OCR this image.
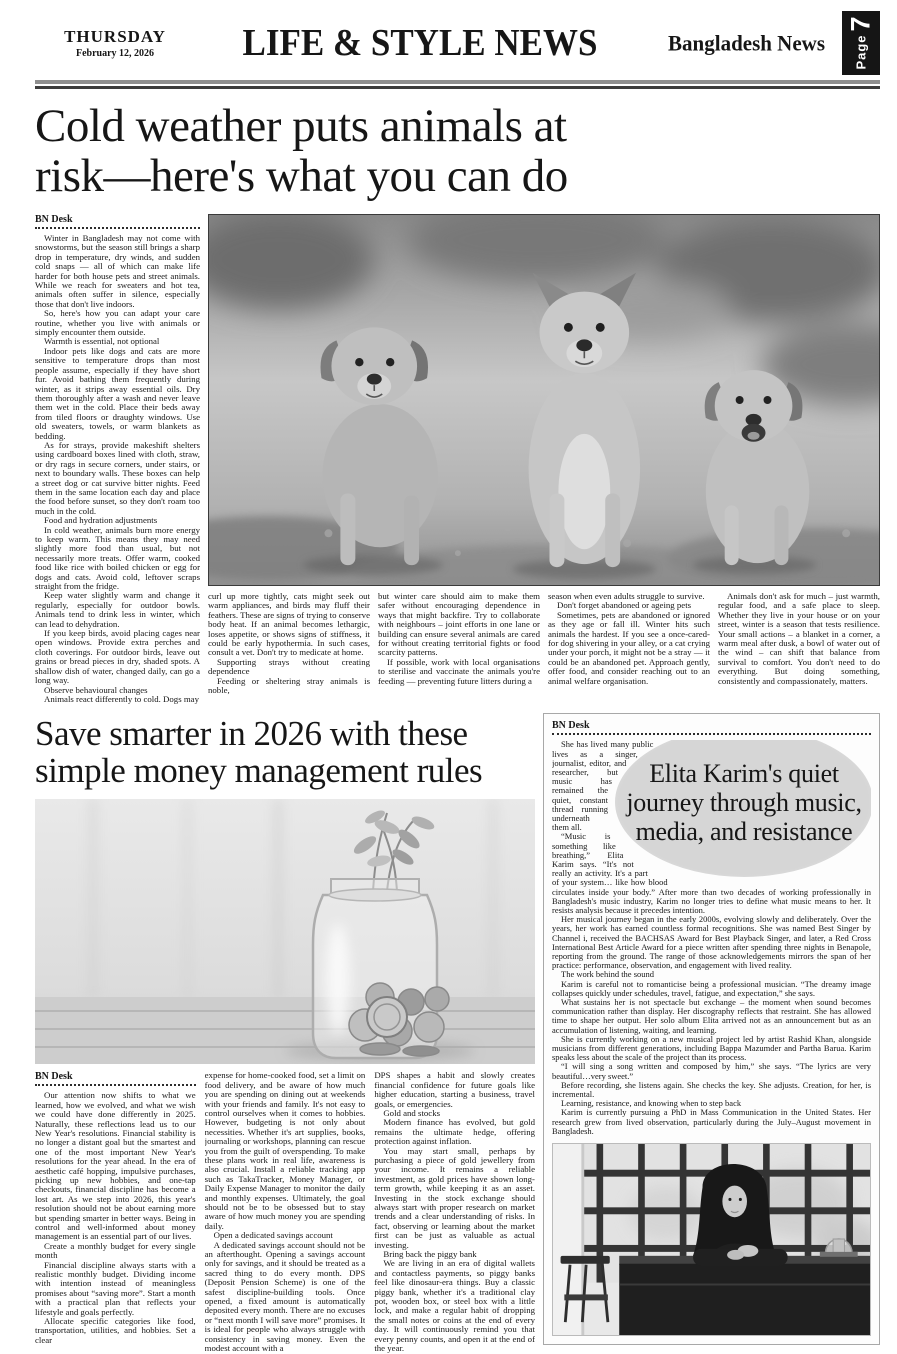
THURSDAY
February 12, 2026	LIFE & STYLE NEWS	Bangladesh News
7
Page
Cold weather puts animals at
risk—here's what you can do
BN Desk

Winter in Bangladesh may not come with snowstorms, but the season still brings a sharp drop in temperature, dry winds, and sudden cold snaps — all of which can make life harder for both house pets and street animals. While we reach for sweaters and hot tea, animals often suffer in silence, especially those that don't live indoors.

So, here's how you can adapt your care routine, whether you live with animals or simply encounter them outside.

Warmth is essential, not optional

Indoor pets like dogs and cats are more sensitive to temperature drops than most people assume, especially if they have short fur. Avoid bathing them frequently during winter, as it strips away essential oils. Dry them thoroughly after a wash and never leave them wet in the cold. Place their beds away from tiled floors or draughty windows. Use old sweaters, towels, or warm blankets as bedding.

As for strays, provide makeshift shelters using cardboard boxes lined with cloth, straw, or dry rags in secure corners, under stairs, or next to boundary walls. These boxes can help a street dog or cat survive bitter nights. Feed them in the same location each day and place the food before sunset, so they don't roam too much in the cold.

Food and hydration adjustments

In cold weather, animals burn more energy to keep warm. This means they may need slightly more food than usual, but not necessarily more treats. Offer warm, cooked food like rice with boiled chicken or egg for dogs and cats. Avoid cold, leftover scraps straight from the fridge.

Keep water slightly warm and change it regularly, especially for outdoor bowls. Animals tend to drink less in winter, which can lead to dehydration.

If you keep birds, avoid placing cages near open windows. Provide extra perches and cloth coverings. For outdoor birds, leave out grains or bread pieces in dry, shaded spots. A shallow dish of water, changed daily, can go a long way.

Observe behavioural changes

Animals react differently to cold. Dogs may

curl up more tightly, cats might seek out warm appliances, and birds may fluff their feathers. These are signs of trying to conserve body heat. If an animal becomes lethargic, loses appetite, or shows signs of stiffness, it could be early hypothermia. In such cases, consult a vet. Don't try to medicate at home.

Supporting strays without creating dependence

Feeding or sheltering stray animals is noble,

but winter care should aim to make them safer without encouraging dependence in ways that might backfire. Try to collaborate with neighbours – joint efforts in one lane or building can ensure several animals are cared for without creating territorial fights or food scarcity patterns.

If possible, work with local organisations to sterilise and vaccinate the animals you're feeding — preventing future litters during a

season when even adults struggle to survive.

Don't forget abandoned or ageing pets

Sometimes, pets are abandoned or ignored as they age or fall ill. Winter hits such animals the hardest. If you see a once-cared-for dog shivering in your alley, or a cat crying under your porch, it might not be a stray — it could be an abandoned pet. Approach gently, offer food, and consider reaching out to an animal welfare organisation.

Animals don't ask for much – just warmth, regular food, and a safe place to sleep. Whether they live in your house or on your street, winter is a season that tests resilience. Your small actions – a blanket in a corner, a warm meal after dusk, a bowl of water out of the wind – can shift that balance from survival to comfort. You don't need to do everything. But doing something, consistently and compassionately, matters.

Save smarter in 2026 with these
simple money management rules
BN Desk

Our attention now shifts to what we learned, how we evolved, and what we wish we could have done differently in 2025. Naturally, these reflections lead us to our New Year's resolutions. Financial stability is no longer a distant goal but the smartest and one of the most important New Year's resolutions for the year ahead. In the era of aesthetic café hopping, impulsive purchases, picking up new hobbies, and one-tap checkouts, financial discipline has become a lost art. As we step into 2026, this year's resolution should not be about earning more but spending smarter in better ways. Being in control and well-informed about money management is an essential part of our lives.

Create a monthly budget for every single month

Financial discipline always starts with a realistic monthly budget. Dividing income with intention instead of meaningless promises about “saving more”. Start a month with a practical plan that reflects your lifestyle and goals perfectly.

Allocate specific categories like food, transportation, utilities, and hobbies. Set a clear

expense for home-cooked food, set a limit on food delivery, and be aware of how much you are spending on dining out at weekends with your friends and family. It's not easy to control ourselves when it comes to hobbies. However, budgeting is not only about necessities. Whether it's art supplies, books, journaling or workshops, planning can rescue you from the guilt of overspending. To make these plans work in real life, awareness is also crucial. Install a reliable tracking app such as TakaTracker, Money Manager, or Daily Expense Manager to monitor the daily and monthly expenses. Ultimately, the goal should not be to be obsessed but to stay aware of how much money you are spending daily.

Open a dedicated savings account

A dedicated savings account should not be an afterthought. Opening a savings account only for savings, and it should be treated as a sacred thing to do every month. DPS (Deposit Pension Scheme) is one of the safest discipline-building tools. Once opened, a fixed amount is automatically deposited every month. There are no excuses or “next month I will save more” promises. It is ideal for people who always struggle with consistency in saving money. Even the modest account with a

DPS shapes a habit and slowly creates financial confidence for future goals like higher education, starting a business, travel goals, or emergencies.

Gold and stocks

Modern finance has evolved, but gold remains the ultimate hedge, offering protection against inflation.

You may start small, perhaps by purchasing a piece of gold jewellery from your income. It remains a reliable investment, as gold prices have shown long-term growth, while keeping it as an asset. Investing in the stock exchange should always start with proper research on market trends and a clear understanding of risks. In fact, observing or learning about the market first can be just as valuable as actual investing.

Bring back the piggy bank

We are living in an era of digital wallets and contactless payments, so piggy banks feel like dinosaur-era things. Buy a classic piggy bank, whether it's a traditional clay pot, wooden box, or steel box with a little lock, and make a regular habit of dropping the small notes or coins at the end of every day. It will continuously remind you that every penny counts, and open it at the end of the year.

BN Desk
Elita Karim's quiet journey through music, media, and resistance

She has lived many public lives as a singer, journalist, editor, and researcher, but music has remained the quiet, constant thread running underneath them all.

“Music is something like breathing,” Elita Karim says. “It's not really an activity. It's a part of your system… like how blood circulates inside your body.” After more than two decades of working professionally in Bangladesh's music industry, Karim no longer tries to define what music means to her. It resists analysis because it precedes intention.

Her musical journey began in the early 2000s, evolving slowly and deliberately. Over the years, her work has earned countless formal recognitions. She was named Best Singer by Channel i, received the BACHSAS Award for Best Playback Singer, and later, a Red Cross International Best Article Award for a piece written after spending three nights in Benapole, reporting from the ground. The range of those acknowledgements mirrors the span of her practice: performance, observation, and engagement with lived reality.

The work behind the sound

Karim is careful not to romanticise being a professional musician. “The dreamy image collapses quickly under schedules, travel, fatigue, and expectation,” she says.

What sustains her is not spectacle but exchange – the moment when sound becomes communication rather than display. Her discography reflects that restraint. She has allowed time to shape her output. Her solo album Elita arrived not as an announcement but as an accumulation of listening, waiting, and learning.

She is currently working on a new musical project led by artist Rashid Khan, alongside musicians from different generations, including Bappa Mazumder and Partha Barua. Karim speaks less about the scale of the project than its process.

“I will sing a song written and composed by him,” she says. “The lyrics are very beautiful…very sweet.”

Before recording, she listens again. She checks the key. She adjusts. Creation, for her, is incremental.

Learning, resistance, and knowing when to step back

Karim is currently pursuing a PhD in Mass Communication in the United States. Her research grew from lived observation, particularly during the July–August movement in Bangladesh.
